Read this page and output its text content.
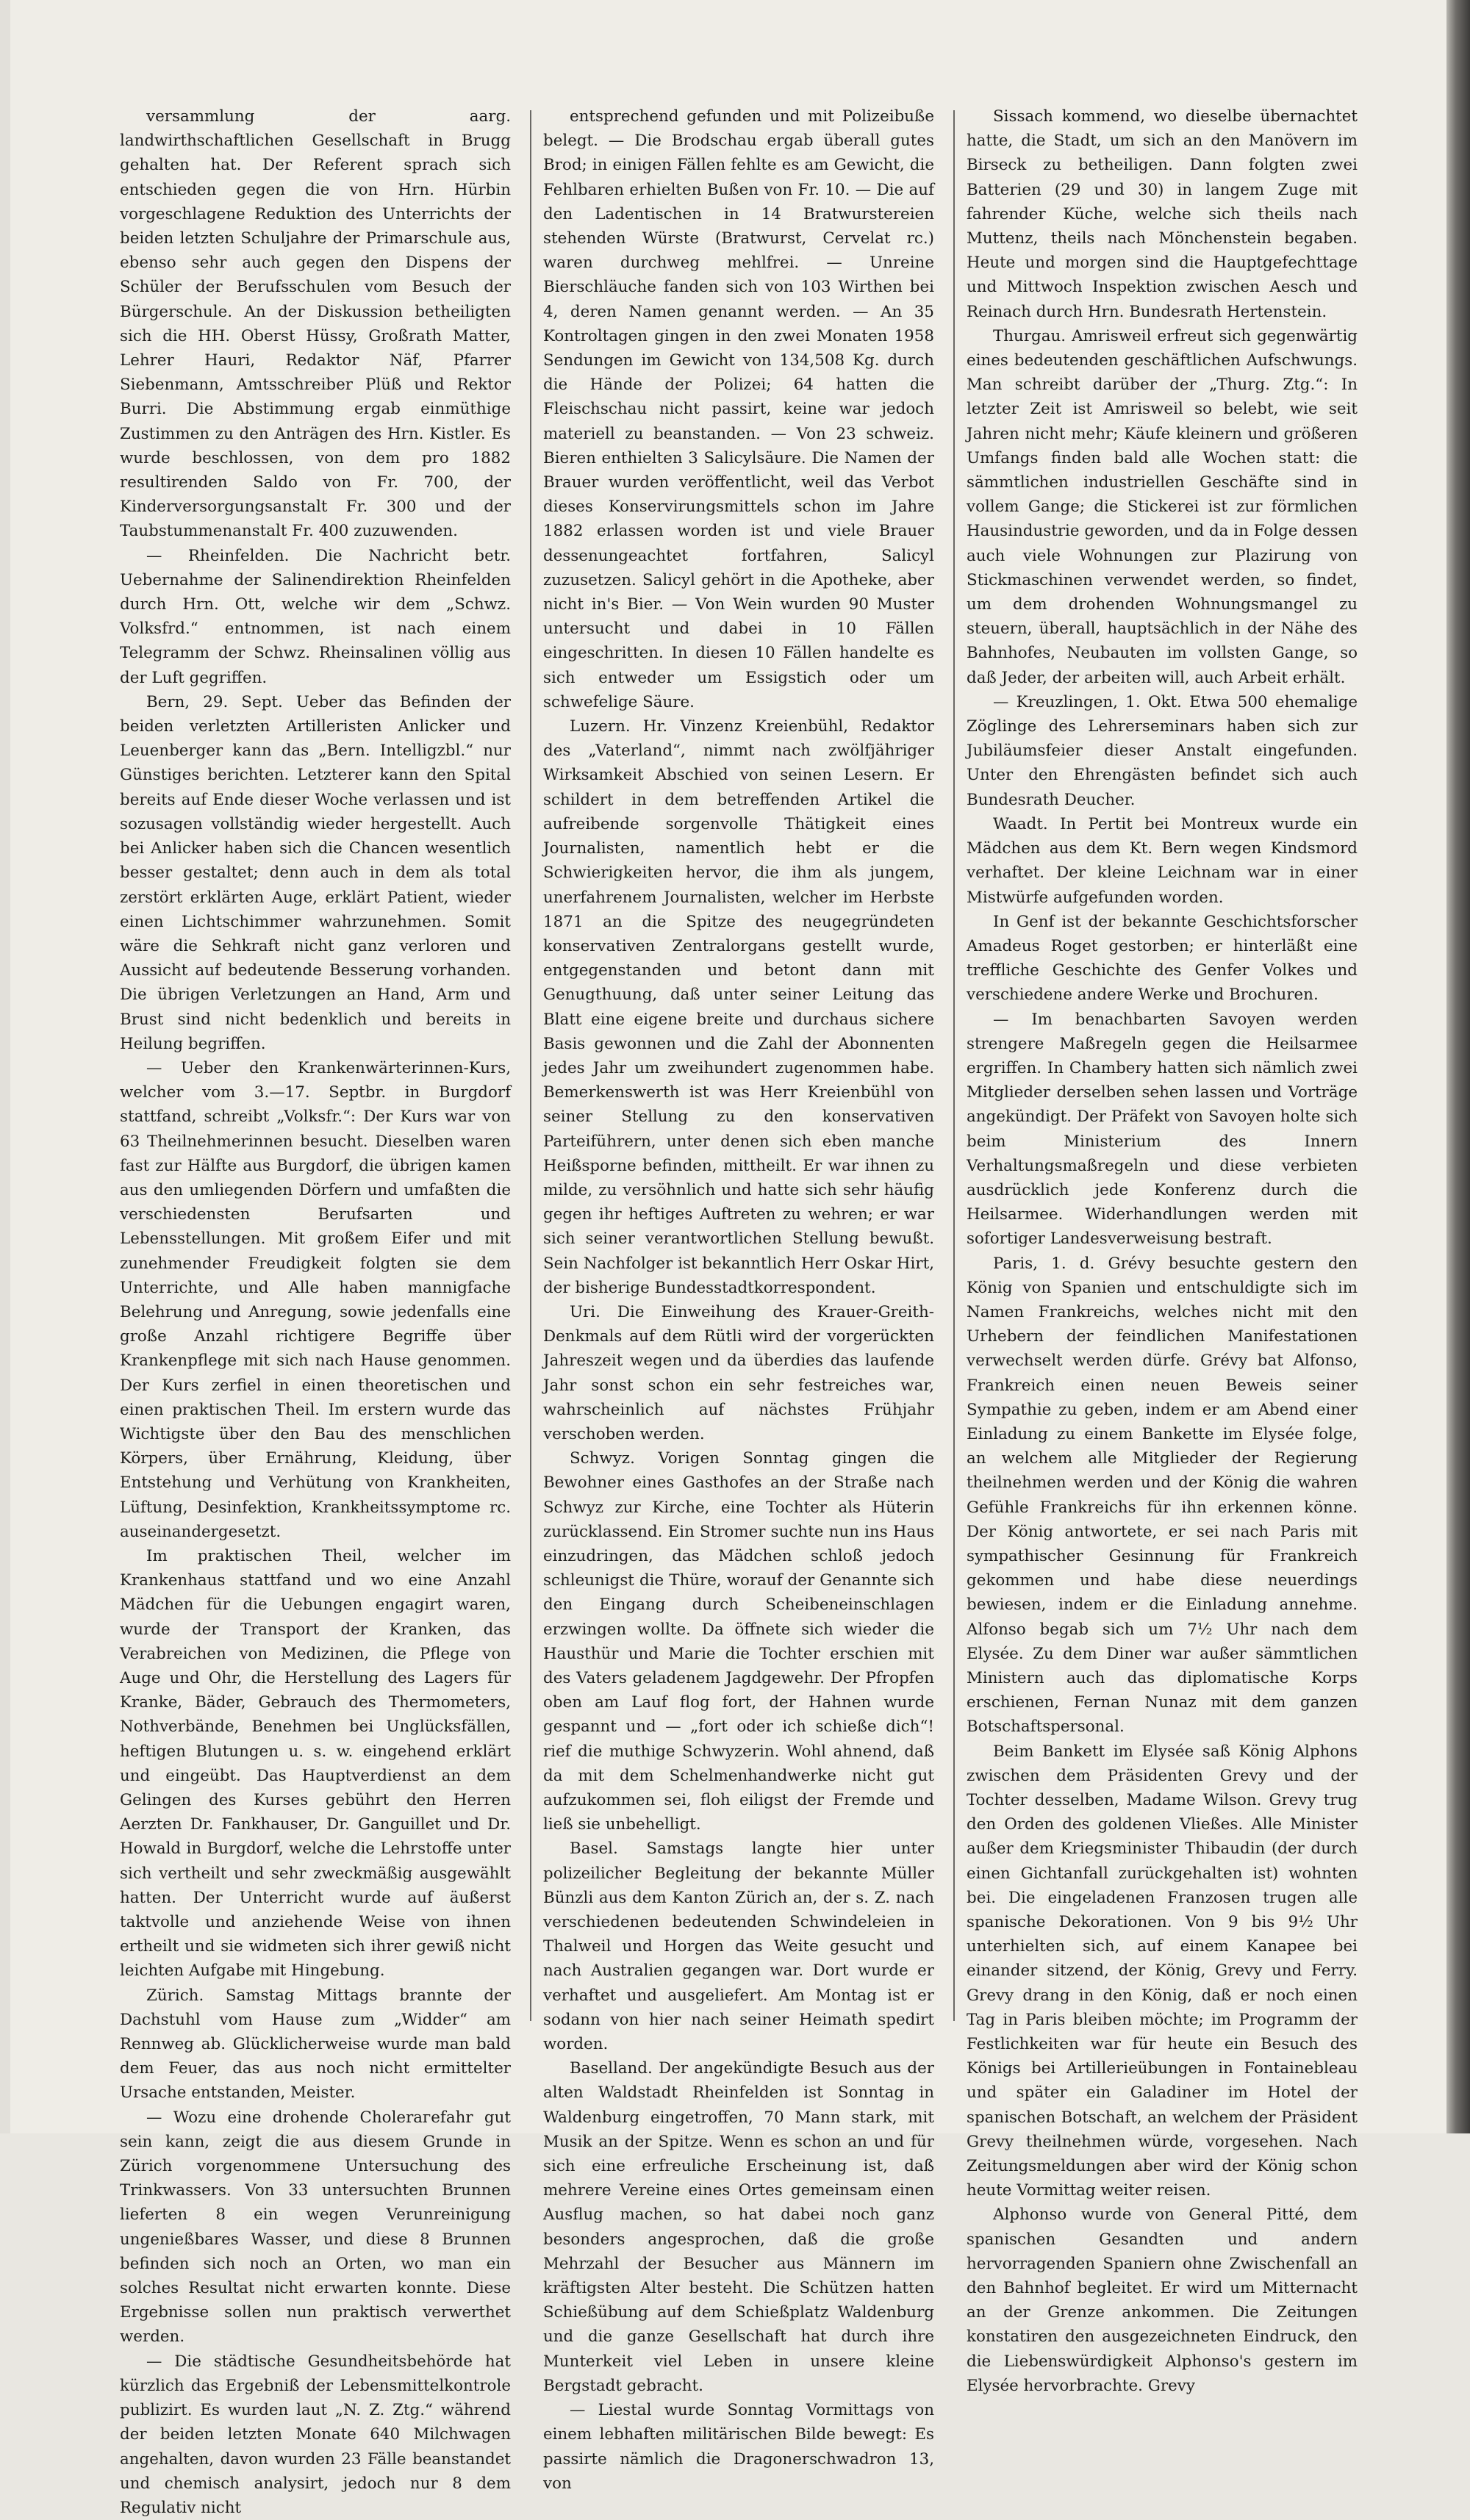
versammlung der aarg. landwirthschaftlichen Gesellschaft in Brugg gehalten hat. Der Referent sprach sich entschieden gegen die von Hrn. Hürbin vorgeschlagene Reduktion des Unterrichts der beiden letzten Schuljahre der Primarschule aus, ebenso sehr auch gegen den Dispens der Schüler der Berufsschulen vom Besuch der Bürgerschule. An der Diskussion betheiligten sich die HH. Oberst Hüssy, Großrath Matter, Lehrer Hauri, Redaktor Näf, Pfarrer Siebenmann, Amtsschreiber Plüß und Rektor Burri. Die Abstimmung ergab einmüthige Zustimmen zu den Anträgen des Hrn. Kistler. Es wurde beschlossen, von dem pro 1882 resultirenden Saldo von Fr. 700, der Kinderversorgungsanstalt Fr. 300 und der Taubstummenanstalt Fr. 400 zuzuwenden.

— Rheinfelden. Die Nachricht betr. Uebernahme der Salinendirektion Rheinfelden durch Hrn. Ott, welche wir dem „Schwz. Volksfrd.“ entnommen, ist nach einem Telegramm der Schwz. Rheinsalinen völlig aus der Luft gegriffen.

Bern, 29. Sept. Ueber das Befinden der beiden verletzten Artilleristen Anlicker und Leuenberger kann das „Bern. Intelligzbl.“ nur Günstiges berichten. Letzterer kann den Spital bereits auf Ende dieser Woche verlassen und ist sozusagen vollständig wieder hergestellt. Auch bei Anlicker haben sich die Chancen wesentlich besser gestaltet; denn auch in dem als total zerstört erklärten Auge, erklärt Patient, wieder einen Lichtschimmer wahrzunehmen. Somit wäre die Sehkraft nicht ganz verloren und Aussicht auf bedeutende Besserung vorhanden. Die übrigen Verletzungen an Hand, Arm und Brust sind nicht bedenklich und bereits in Heilung begriffen.

— Ueber den Krankenwärterinnen-Kurs, welcher vom 3.—17. Septbr. in Burgdorf stattfand, schreibt „Volksfr.“: Der Kurs war von 63 Theilnehmerinnen besucht. Dieselben waren fast zur Hälfte aus Burgdorf, die übrigen kamen aus den umliegenden Dörfern und umfaßten die verschiedensten Berufsarten und Lebensstellungen. Mit großem Eifer und mit zunehmender Freudigkeit folgten sie dem Unterrichte, und Alle haben mannigfache Belehrung und Anregung, sowie jedenfalls eine große Anzahl richtigere Begriffe über Krankenpflege mit sich nach Hause genommen. Der Kurs zerfiel in einen theoretischen und einen praktischen Theil. Im erstern wurde das Wichtigste über den Bau des menschlichen Körpers, über Ernährung, Kleidung, über Entstehung und Verhütung von Krankheiten, Lüftung, Desinfektion, Krankheitssymptome rc. auseinandergesetzt.

Im praktischen Theil, welcher im Krankenhaus stattfand und wo eine Anzahl Mädchen für die Uebungen engagirt waren, wurde der Transport der Kranken, das Verabreichen von Medizinen, die Pflege von Auge und Ohr, die Herstellung des Lagers für Kranke, Bäder, Gebrauch des Thermometers, Nothverbände, Benehmen bei Unglücksfällen, heftigen Blutungen u. s. w. eingehend erklärt und eingeübt. Das Hauptverdienst an dem Gelingen des Kurses gebührt den Herren Aerzten Dr. Fankhauser, Dr. Ganguillet und Dr. Howald in Burgdorf, welche die Lehrstoffe unter sich vertheilt und sehr zweckmäßig ausgewählt hatten. Der Unterricht wurde auf äußerst taktvolle und anziehende Weise von ihnen ertheilt und sie widmeten sich ihrer gewiß nicht leichten Aufgabe mit Hingebung.

Zürich. Samstag Mittags brannte der Dachstuhl vom Hause zum „Widder“ am Rennweg ab. Glücklicherweise wurde man bald dem Feuer, das aus noch nicht ermittelter Ursache entstanden, Meister.

— Wozu eine drohende Cholerагefahr gut sein kann, zeigt die aus diesem Grunde in Zürich vorgenommene Untersuchung des Trinkwassers. Von 33 untersuchten Brunnen lieferten 8 ein wegen Verunreinigung ungenießbares Wasser, und diese 8 Brunnen befinden sich noch an Orten, wo man ein solches Resultat nicht erwarten konnte. Diese Ergebnisse sollen nun praktisch verwerthet werden.

— Die städtische Gesundheitsbehörde hat kürzlich das Ergebniß der Lebensmittelkontrole publizirt. Es wurden laut „N. Z. Ztg.“ während der beiden letzten Monate 640 Milchwagen angehalten, davon wurden 23 Fälle beanstandet und chemisch analysirt, jedoch nur 8 dem Regulativ nicht

entsprechend gefunden und mit Polizeibuße belegt. — Die Brodschau ergab überall gutes Brod; in einigen Fällen fehlte es am Gewicht, die Fehlbaren erhielten Bußen von Fr. 10. — Die auf den Ladentischen in 14 Bratwurstereien stehenden Würste (Bratwurst, Cervelat rc.) waren durchweg mehlfrei. — Unreine Bierschläuche fanden sich von 103 Wirthen bei 4, deren Namen genannt werden. — An 35 Kontroltagen gingen in den zwei Monaten 1958 Sendungen im Gewicht von 134,508 Kg. durch die Hände der Polizei; 64 hatten die Fleischschau nicht passirt, keine war jedoch materiell zu beanstanden. — Von 23 schweiz. Bieren enthielten 3 Salicylsäure. Die Namen der Brauer wurden veröffentlicht, weil das Verbot dieses Konservirungsmittels schon im Jahre 1882 erlassen worden ist und viele Brauer dessenungeachtet fortfahren, Salicyl zuzusetzen. Salicyl gehört in die Apotheke, aber nicht in's Bier. — Von Wein wurden 90 Muster untersucht und dabei in 10 Fällen eingeschritten. In diesen 10 Fällen handelte es sich entweder um Essigstich oder um schwefelige Säure.

Luzern. Hr. Vinzenz Kreienbühl, Redaktor des „Vaterland“, nimmt nach zwölfjähriger Wirksamkeit Abschied von seinen Lesern. Er schildert in dem betreffenden Artikel die aufreibende sorgenvolle Thätigkeit eines Journalisten, namentlich hebt er die Schwierigkeiten hervor, die ihm als jungem, unerfahrenem Journalisten, welcher im Herbste 1871 an die Spitze des neugegründeten konservativen Zentralorgans gestellt wurde, entgegenstanden und betont dann mit Genugthuung, daß unter seiner Leitung das Blatt eine eigene breite und durchaus sichere Basis gewonnen und die Zahl der Abonnenten jedes Jahr um zweihundert zugenommen habe. Bemerkenswerth ist was Herr Kreienbühl von seiner Stellung zu den konservativen Parteiführern, unter denen sich eben manche Heißsporne befinden, mittheilt. Er war ihnen zu milde, zu versöhnlich und hatte sich sehr häufig gegen ihr heftiges Auftreten zu wehren; er war sich seiner verantwortlichen Stellung bewußt. Sein Nachfolger ist bekanntlich Herr Oskar Hirt, der bisherige Bundesstadtkorrespondent.

Uri. Die Einweihung des Krauer-Greith-Denkmals auf dem Rütli wird der vorgerückten Jahreszeit wegen und da überdies das laufende Jahr sonst schon ein sehr festreiches war, wahrscheinlich auf nächstes Frühjahr verschoben werden.

Schwyz. Vorigen Sonntag gingen die Bewohner eines Gasthofes an der Straße nach Schwyz zur Kirche, eine Tochter als Hüterin zurücklassend. Ein Stromer suchte nun ins Haus einzudringen, das Mädchen schloß jedoch schleunigst die Thüre, worauf der Genannte sich den Eingang durch Scheibeneinschlagen erzwingen wollte. Da öffnete sich wieder die Hausthür und Marie die Tochter erschien mit des Vaters geladenem Jagdgewehr. Der Pfropfen oben am Lauf flog fort, der Hahnen wurde gespannt und — „fort oder ich schieße dich“! rief die muthige Schwyzerin. Wohl ahnend, daß da mit dem Schelmenhandwerke nicht gut aufzukommen sei, floh eiligst der Fremde und ließ sie unbehelligt.

Basel. Samstags langte hier unter polizeilicher Begleitung der bekannte Müller Bünzli aus dem Kanton Zürich an, der s. Z. nach verschiedenen bedeutenden Schwindeleien in Thalweil und Horgen das Weite gesucht und nach Australien gegangen war. Dort wurde er verhaftet und ausgeliefert. Am Montag ist er sodann von hier nach seiner Heimath spedirt worden.

Baselland. Der angekündigte Besuch aus der alten Waldstadt Rheinfelden ist Sonntag in Waldenburg eingetroffen, 70 Mann stark, mit Musik an der Spitze. Wenn es schon an und für sich eine erfreuliche Erscheinung ist, daß mehrere Vereine eines Ortes gemeinsam einen Ausflug machen, so hat dabei noch ganz besonders angesprochen, daß die große Mehrzahl der Besucher aus Männern im kräftigsten Alter besteht. Die Schützen hatten Schießübung auf dem Schießplatz Waldenburg und die ganze Gesellschaft hat durch ihre Munterkeit viel Leben in unsere kleine Bergstadt gebracht.

— Liestal wurde Sonntag Vormittags von einem lebhaften militärischen Bilde bewegt: Es passirte nämlich die Dragonerschwadron 13, von

Sissach kommend, wo dieselbe übernachtet hatte, die Stadt, um sich an den Manövern im Birseck zu betheiligen. Dann folgten zwei Batterien (29 und 30) in langem Zuge mit fahrender Küche, welche sich theils nach Muttenz, theils nach Mönchenstein begaben. Heute und morgen sind die Hauptgefechttage und Mittwoch Inspektion zwischen Aesch und Reinach durch Hrn. Bundesrath Hertenstein.

Thurgau. Amriswеil erfreut sich gegenwärtig eines bedeutenden geschäftlichen Aufschwungs. Man schreibt darüber der „Thurg. Ztg.“: In letzter Zeit ist Amriswеil so belebt, wie seit Jahren nicht mehr; Käufe kleinern und größeren Umfangs finden bald alle Wochen statt: die sämmtlichen industriellen Geschäfte sind in vollem Gange; die Stickerei ist zur förmlichen Hausindustrie geworden, und da in Folge dessen auch viele Wohnungen zur Plazirung von Stickmaschinen verwendet werden, so findet, um dem drohenden Wohnungsmangel zu steuern, überall, hauptsächlich in der Nähe des Bahnhofes, Neubauten im vollsten Gange, so daß Jeder, der arbeiten will, auch Arbeit erhält.

— Kreuzlingen, 1. Okt. Etwa 500 ehemalige Zöglinge des Lehrerseminars haben sich zur Jubiläumsfeier dieser Anstalt eingefunden. Unter den Ehrengästen befindet sich auch Bundesrath Deucher.

Waadt. In Pertit bei Montreux wurde ein Mädchen aus dem Kt. Bern wegen Kindsmord verhaftet. Der kleine Leichnam war in einer Mistwürfe aufgefunden worden.

In Genf ist der bekannte Geschichtsforscher Amadeus Roget gestorben; er hinterläßt eine treffliche Geschichte des Genfer Volkes und verschiedene andere Werke und Brochuren.

— Im benachbarten Savoyen werden strengere Maßregeln gegen die Heilsarmee ergriffen. In Chambery hatten sich nämlich zwei Mitglieder derselben sehen lassen und Vorträge angekündigt. Der Präfekt von Savoyen holte sich beim Ministerium des Innern Verhaltungsmaßregeln und diese verbieten ausdrücklich jede Konferenz durch die Heilsarmee. Widerhandlungen werden mit sofortiger Landesverweisung bestraft.

Paris, 1. d. Grévy besuchte gestern den König von Spanien und entschuldigte sich im Namen Frankreichs, welches nicht mit den Urhebern der feindlichen Manifestationen verwechselt werden dürfe. Grévy bat Alfonso, Frankreich einen neuen Beweis seiner Sympathie zu geben, indem er am Abend einer Einladung zu einem Bankette im Elysée folge, an welchem alle Mitglieder der Regierung theilnehmen werden und der König die wahren Gefühle Frankreichs für ihn erkennen könne. Der König antwortete, er sei nach Paris mit sympathischer Gesinnung für Frankreich gekommen und habe diese neuerdings bewiesen, indem er die Einladung annehme. Alfonso begab sich um 7½ Uhr nach dem Elysée. Zu dem Diner war außer sämmtlichen Ministern auch das diplomatische Korps erschienen, Fernan Nunaz mit dem ganzen Botschaftspersonal.

Beim Bankett im Elysée saß König Alphons zwischen dem Präsidenten Grevy und der Tochter desselben, Madame Wilson. Grevy trug den Orden des goldenen Vließes. Alle Minister außer dem Kriegsminister Thibaudin (der durch einen Gichtanfall zurückgehalten ist) wohnten bei. Die eingeladenen Franzosen trugen alle spanische Dekorationen. Von 9 bis 9½ Uhr unterhielten sich, auf einem Kanapee bei einander sitzend, der König, Grevy und Ferry. Grevy drang in den König, daß er noch einen Tag in Paris bleiben möchte; im Programm der Festlichkeiten war für heute ein Besuch des Königs bei Artillerieübungen in Fontainebleau und später ein Galadiner im Hotel der spanischen Botschaft, an welchem der Präsident Grevy theilnehmen würde, vorgesehen. Nach Zeitungsmeldungen aber wird der König schon heute Vormittag weiter reisen.

Alphonso wurde von General Pitté, dem spanischen Gesandten und andern hervorragenden Spaniern ohne Zwischenfall an den Bahnhof begleitet. Er wird um Mitternacht an der Grenze ankommen. Die Zeitungen konstatiren den ausgezeichneten Eindruck, den die Liebenswürdigkeit Alphonso's gestern im Elysée hervorbrachte. Grevy
